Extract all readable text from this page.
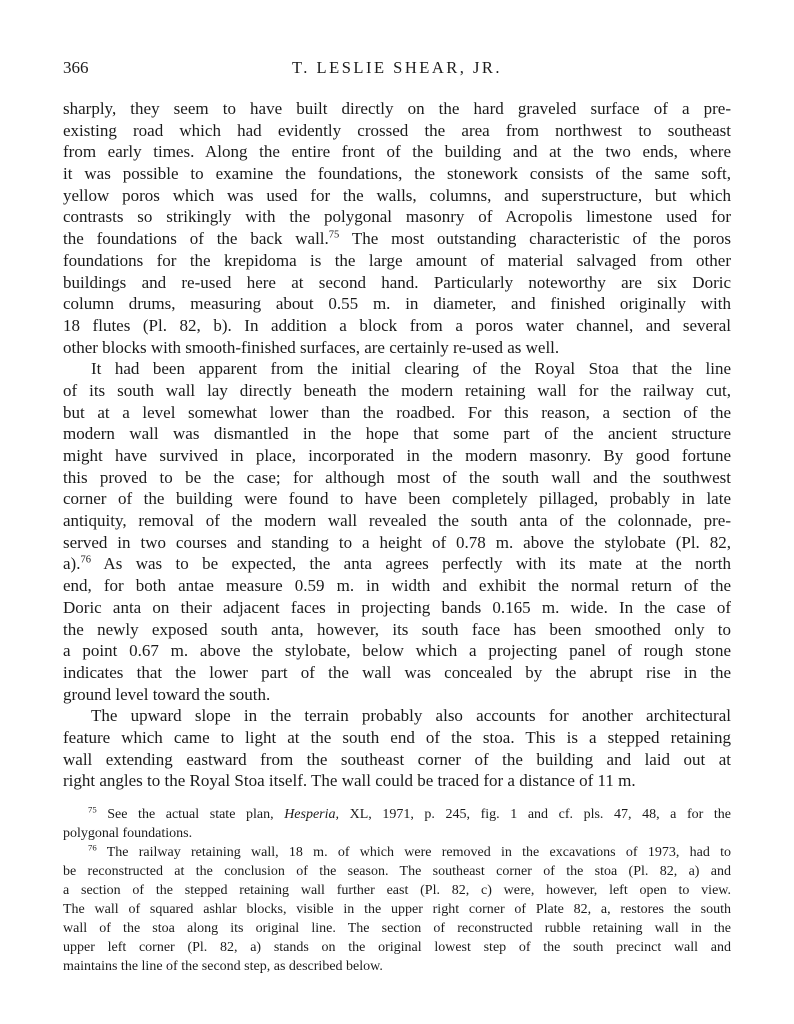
366	T. LESLIE SHEAR, JR.
sharply, they seem to have built directly on the hard graveled surface of a pre-
existing road which had evidently crossed the area from northwest to southeast
from early times. Along the entire front of the building and at the two ends, where
it was possible to examine the foundations, the stonework consists of the same soft,
yellow poros which was used for the walls, columns, and superstructure, but which
contrasts so strikingly with the polygonal masonry of Acropolis limestone used for
the foundations of the back wall.$^{75}$ The most outstanding characteristic of the poros
foundations for the krepidoma is the large amount of material salvaged from other
buildings and re-used here at second hand. Particularly noteworthy are six Doric
column drums, measuring about 0.55 m. in diameter, and finished originally with
18 flutes (Pl. 82, b). In addition a block from a poros water channel, and several
other blocks with smooth-finished surfaces, are certainly re-used as well.
It had been apparent from the initial clearing of the Royal Stoa that the line
of its south wall lay directly beneath the modern retaining wall for the railway cut,
but at a level somewhat lower than the roadbed. For this reason, a section of the
modern wall was dismantled in the hope that some part of the ancient structure
might have survived in place, incorporated in the modern masonry. By good fortune
this proved to be the case; for although most of the south wall and the southwest
corner of the building were found to have been completely pillaged, probably in late
antiquity, removal of the modern wall revealed the south anta of the colonnade, pre-
served in two courses and standing to a height of 0.78 m. above the stylobate (Pl. 82,
a).$^{76}$ As was to be expected, the anta agrees perfectly with its mate at the north
end, for both antae measure 0.59 m. in width and exhibit the normal return of the
Doric anta on their adjacent faces in projecting bands 0.165 m. wide. In the case of
the newly exposed south anta, however, its south face has been smoothed only to
a point 0.67 m. above the stylobate, below which a projecting panel of rough stone
indicates that the lower part of the wall was concealed by the abrupt rise in the
ground level toward the south.
The upward slope in the terrain probably also accounts for another architectural
feature which came to light at the south end of the stoa. This is a stepped retaining
wall extending eastward from the southeast corner of the building and laid out at
right angles to the Royal Stoa itself. The wall could be traced for a distance of 11 m.
$^{75}$ See the actual state plan, Hesperia, XL, 1971, p. 245, fig. 1 and cf. pls. 47, 48, a for the
polygonal foundations.
$^{76}$ The railway retaining wall, 18 m. of which were removed in the excavations of 1973, had to
be reconstructed at the conclusion of the season. The southeast corner of the stoa (Pl. 82, a) and
a section of the stepped retaining wall further east (Pl. 82, c) were, however, left open to view.
The wall of squared ashlar blocks, visible in the upper right corner of Plate 82, a, restores the south
wall of the stoa along its original line. The section of reconstructed rubble retaining wall in the
upper left corner (Pl. 82, a) stands on the original lowest step of the south precinct wall and
maintains the line of the second step, as described below.
